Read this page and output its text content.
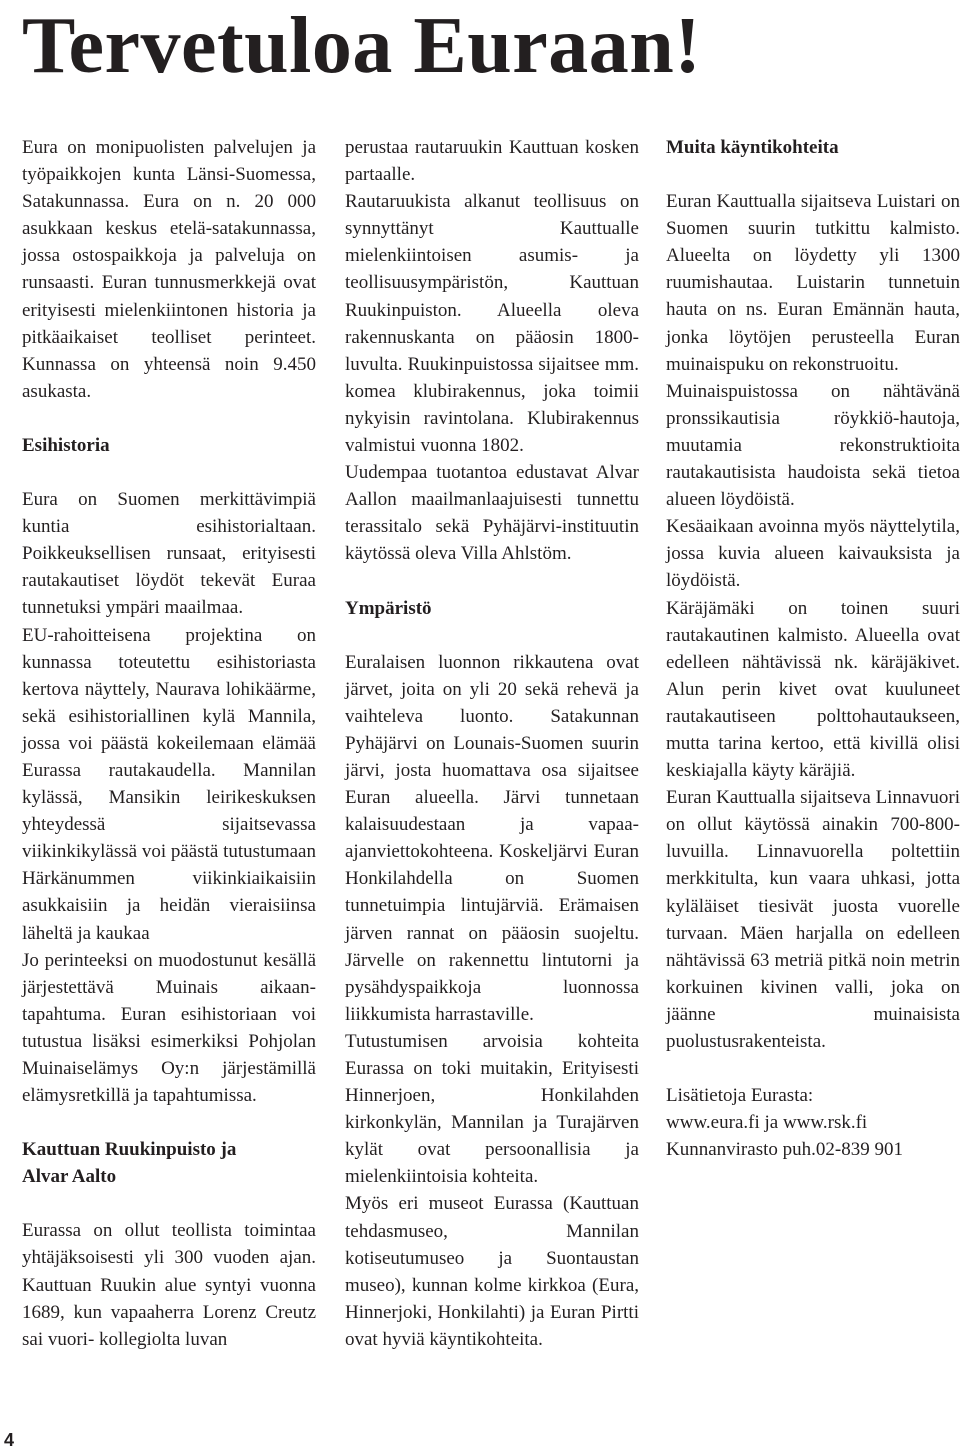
Tervetuloa Euraan!

Eura on monipuolisten palvelujen ja työpaikkojen kunta Länsi-Suomessa, Satakunnassa. Eura on n. 20 000 asukkaan keskus etelä-satakunnassa, jossa ostospaikkoja ja palveluja on runsaasti. Euran tunnusmerkkejä ovat erityisesti mielenkiintonen historia ja pitkäaikaiset teolliset perinteet. Kunnassa on yhteensä noin 9.450 asukasta.

Esihistoria

Eura on Suomen merkittävimpiä kuntia esihistorialtaan. Poikkeuksellisen runsaat, erityisesti rautakautiset löydöt tekevät Euraa tunnetuksi ympäri maailmaa.

EU-rahoitteisena projektina on kunnassa toteutettu esihistoriasta kertova näyttely, Naurava lohikäärme, sekä esihistoriallinen kylä Mannila, jossa voi päästä kokeilemaan elämää Eurassa rautakaudella. Mannilan kylässä, Mansikin leirikeskuksen yhteydessä sijaitsevassa viikinkikylässä voi päästä tutustumaan Härkänummen viikinkiaikaisiin asukkaisiin ja heidän vieraisiinsa läheltä ja kaukaa

Jo perinteeksi on muodostunut kesällä järjestettävä Muinais aikaan- tapahtuma. Euran esihistoriaan voi tutustua lisäksi esimerkiksi Pohjolan Muinaiselämys Oy:n järjestämillä elämysretkillä ja tapahtumissa.

Kauttuan Ruukinpuisto ja
Alvar Aalto

Eurassa on ollut teollista toimintaa yhtäjäksoisesti yli 300 vuoden ajan. Kauttuan Ruukin alue syntyi vuonna 1689, kun vapaaherra Lorenz Creutz sai vuori- kollegiolta luvan

perustaa rautaruukin Kauttuan kosken partaalle.

Rautaruukista alkanut teollisuus on synnyttänyt Kauttualle mielenkiintoisen asumis- ja teollisuusympäristön, Kauttuan Ruukinpuiston. Alueella oleva rakennuskanta on pääosin 1800-luvulta. Ruukinpuistossa sijaitsee mm. komea klubirakennus, joka toimii nykyisin ravintolana. Klubirakennus valmistui vuonna 1802.

Uudempaa tuotantoa edustavat Alvar Aallon maailmanlaajuisesti tunnettu terassitalo sekä Pyhäjärvi-instituutin käytössä oleva Villa Ahlstöm.

Ympäristö

Euralaisen luonnon rikkautena ovat järvet, joita on yli 20 sekä rehevä ja vaihteleva luonto. Satakunnan Pyhäjärvi on Lounais-Suomen suurin järvi, josta huomattava osa sijaitsee Euran alueella. Järvi tunnetaan kalaisuudestaan ja vapaa-ajanviettokohteena. Koskeljärvi Euran Honkilahdella on Suomen tunnetuimpia lintujärviä. Erämaisen järven rannat on pääosin suojeltu. Järvelle on rakennettu lintutorni ja pysähdyspaikkoja luonnossa liikkumista harrastaville.

Tutustumisen arvoisia kohteita Eurassa on toki muitakin, Erityisesti Hinnerjoen, Honkilahden kirkonkylän, Mannilan ja Turajärven kylät ovat persoonallisia ja mielenkiintoisia kohteita.

Myös eri museot Eurassa (Kauttuan tehdasmuseo, Mannilan kotiseutumuseo ja Suontaustan museo), kunnan kolme kirkkoa (Eura, Hinnerjoki, Honkilahti) ja Euran Pirtti ovat hyviä käyntikohteita.

Muita käyntikohteita

Euran Kauttualla sijaitseva Luistari on Suomen suurin tutkittu kalmisto. Alueelta on löydetty yli 1300 ruumishautaa. Luistarin tunnetuin hauta on ns. Euran Emännän hauta, jonka löytöjen perusteella Euran muinaispuku on rekonstruoitu.

Muinaispuistossa on nähtävänä pronssikautisia röykkiö-hautoja, muutamia rekonstruktioita rautakautisista haudoista sekä tietoa alueen löydöistä.

Kesäaikaan avoinna myös näyttelytila, jossa kuvia alueen kaivauksista ja löydöistä.

Käräjämäki on toinen suuri rautakautinen kalmisto. Alueella ovat edelleen nähtävissä nk. käräjäkivet. Alun perin kivet ovat kuuluneet rautakautiseen polttohautaukseen, mutta tarina kertoo, että kivillä olisi keskiajalla käyty käräjiä.

Euran Kauttualla sijaitseva Linnavuori on ollut käytössä ainakin 700-800-luvuilla. Linnavuorella poltettiin merkkitulta, kun vaara uhkasi, jotta kyläläiset tiesivät juosta vuorelle turvaan. Mäen harjalla on edelleen nähtävissä 63 metriä pitkä noin metrin korkuinen kivinen valli, joka on jäänne muinaisista puolustusrakenteista.

Lisätietoja Eurasta:

www.eura.fi ja www.rsk.fi

Kunnanvirasto puh.02-839 901

4
